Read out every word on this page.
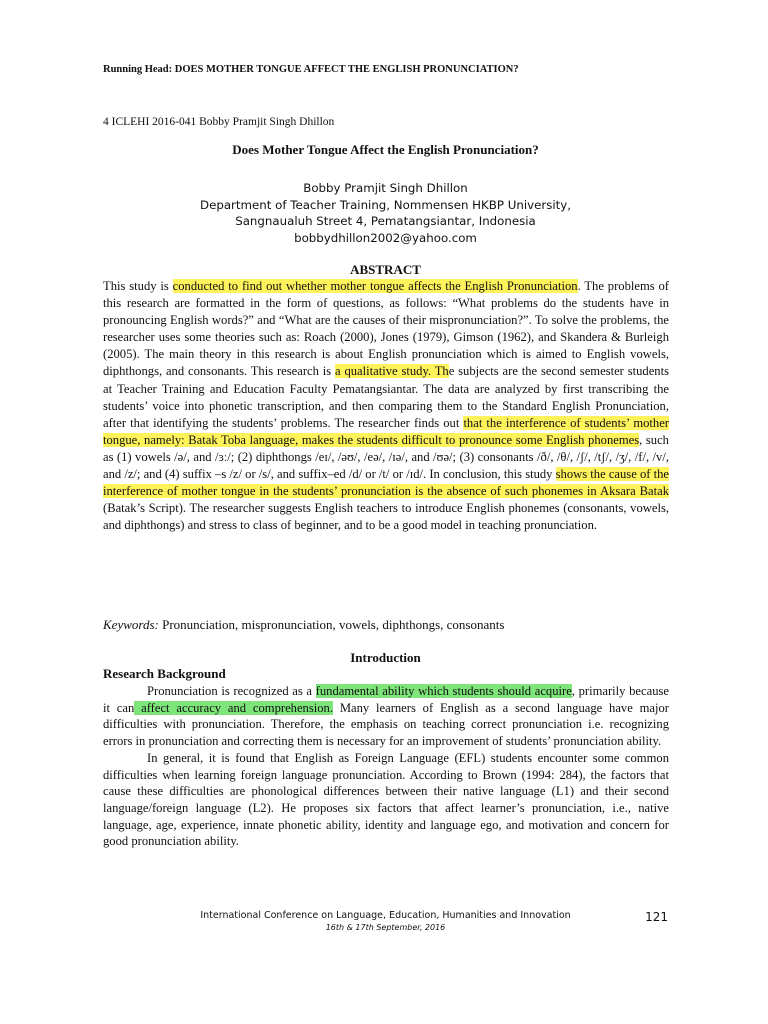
Running Head: DOES MOTHER TONGUE AFFECT THE ENGLISH PRONUNCIATION?
4 ICLEHI 2016-041 Bobby Pramjit Singh Dhillon
Does Mother Tongue Affect the English Pronunciation?
Bobby Pramjit Singh Dhillon
Department of Teacher Training, Nommensen HKBP University,
Sangnaualuh Street 4, Pematangsiantar, Indonesia
bobbydhillon2002@yahoo.com
ABSTRACT
This study is conducted to find out whether mother tongue affects the English Pronunciation. The problems of this research are formatted in the form of questions, as follows: “What problems do the students have in pronouncing English words?” and “What are the causes of their mispronunciation?”. To solve the problems, the researcher uses some theories such as: Roach (2000), Jones (1979), Gimson (1962), and Skandera & Burleigh (2005). The main theory in this research is about English pronunciation which is aimed to English vowels, diphthongs, and consonants. This research is a qualitative study. The subjects are the second semester students at Teacher Training and Education Faculty Pematangsiantar. The data are analyzed by first transcribing the students’ voice into phonetic transcription, and then comparing them to the Standard English Pronunciation, after that identifying the students’ problems. The researcher finds out that the interference of students’ mother tongue, namely: Batak Toba language, makes the students difficult to pronounce some English phonemes, such as (1) vowels /ə/, and /ɜː/; (2) diphthongs /eɪ/, /əʊ/, /eə/, /ɪə/, and /ʊə/; (3) consonants /ð/, /θ/, /ʃ/, /tʃ/, /ʒ/, /f/, /v/, and /z/; and (4) suffix –s /z/ or /s/, and suffix–ed /d/ or /t/ or /ɪd/. In conclusion, this study shows the cause of the interference of mother tongue in the students’ pronunciation is the absence of such phonemes in Aksara Batak (Batak’s Script). The researcher suggests English teachers to introduce English phonemes (consonants, vowels, and diphthongs) and stress to class of beginner, and to be a good model in teaching pronunciation.
Keywords: Pronunciation, mispronunciation, vowels, diphthongs, consonants
Introduction
Research Background

Pronunciation is recognized as a fundamental ability which students should acquire, primarily because it can affect accuracy and comprehension. Many learners of English as a second language have major difficulties with pronunciation. Therefore, the emphasis on teaching correct pronunciation i.e. recognizing errors in pronunciation and correcting them is necessary for an improvement of students’ pronunciation ability.

In general, it is found that English as Foreign Language (EFL) students encounter some common difficulties when learning foreign language pronunciation. According to Brown (1994: 284), the factors that cause these difficulties are phonological differences between their native language (L1) and their second language/foreign language (L2). He proposes six factors that affect learner’s pronunciation, i.e., native language, age, experience, innate phonetic ability, identity and language ego, and motivation and concern for good pronunciation ability.

International Conference on Language, Education, Humanities and Innovation
16th & 17th September, 2016
121
